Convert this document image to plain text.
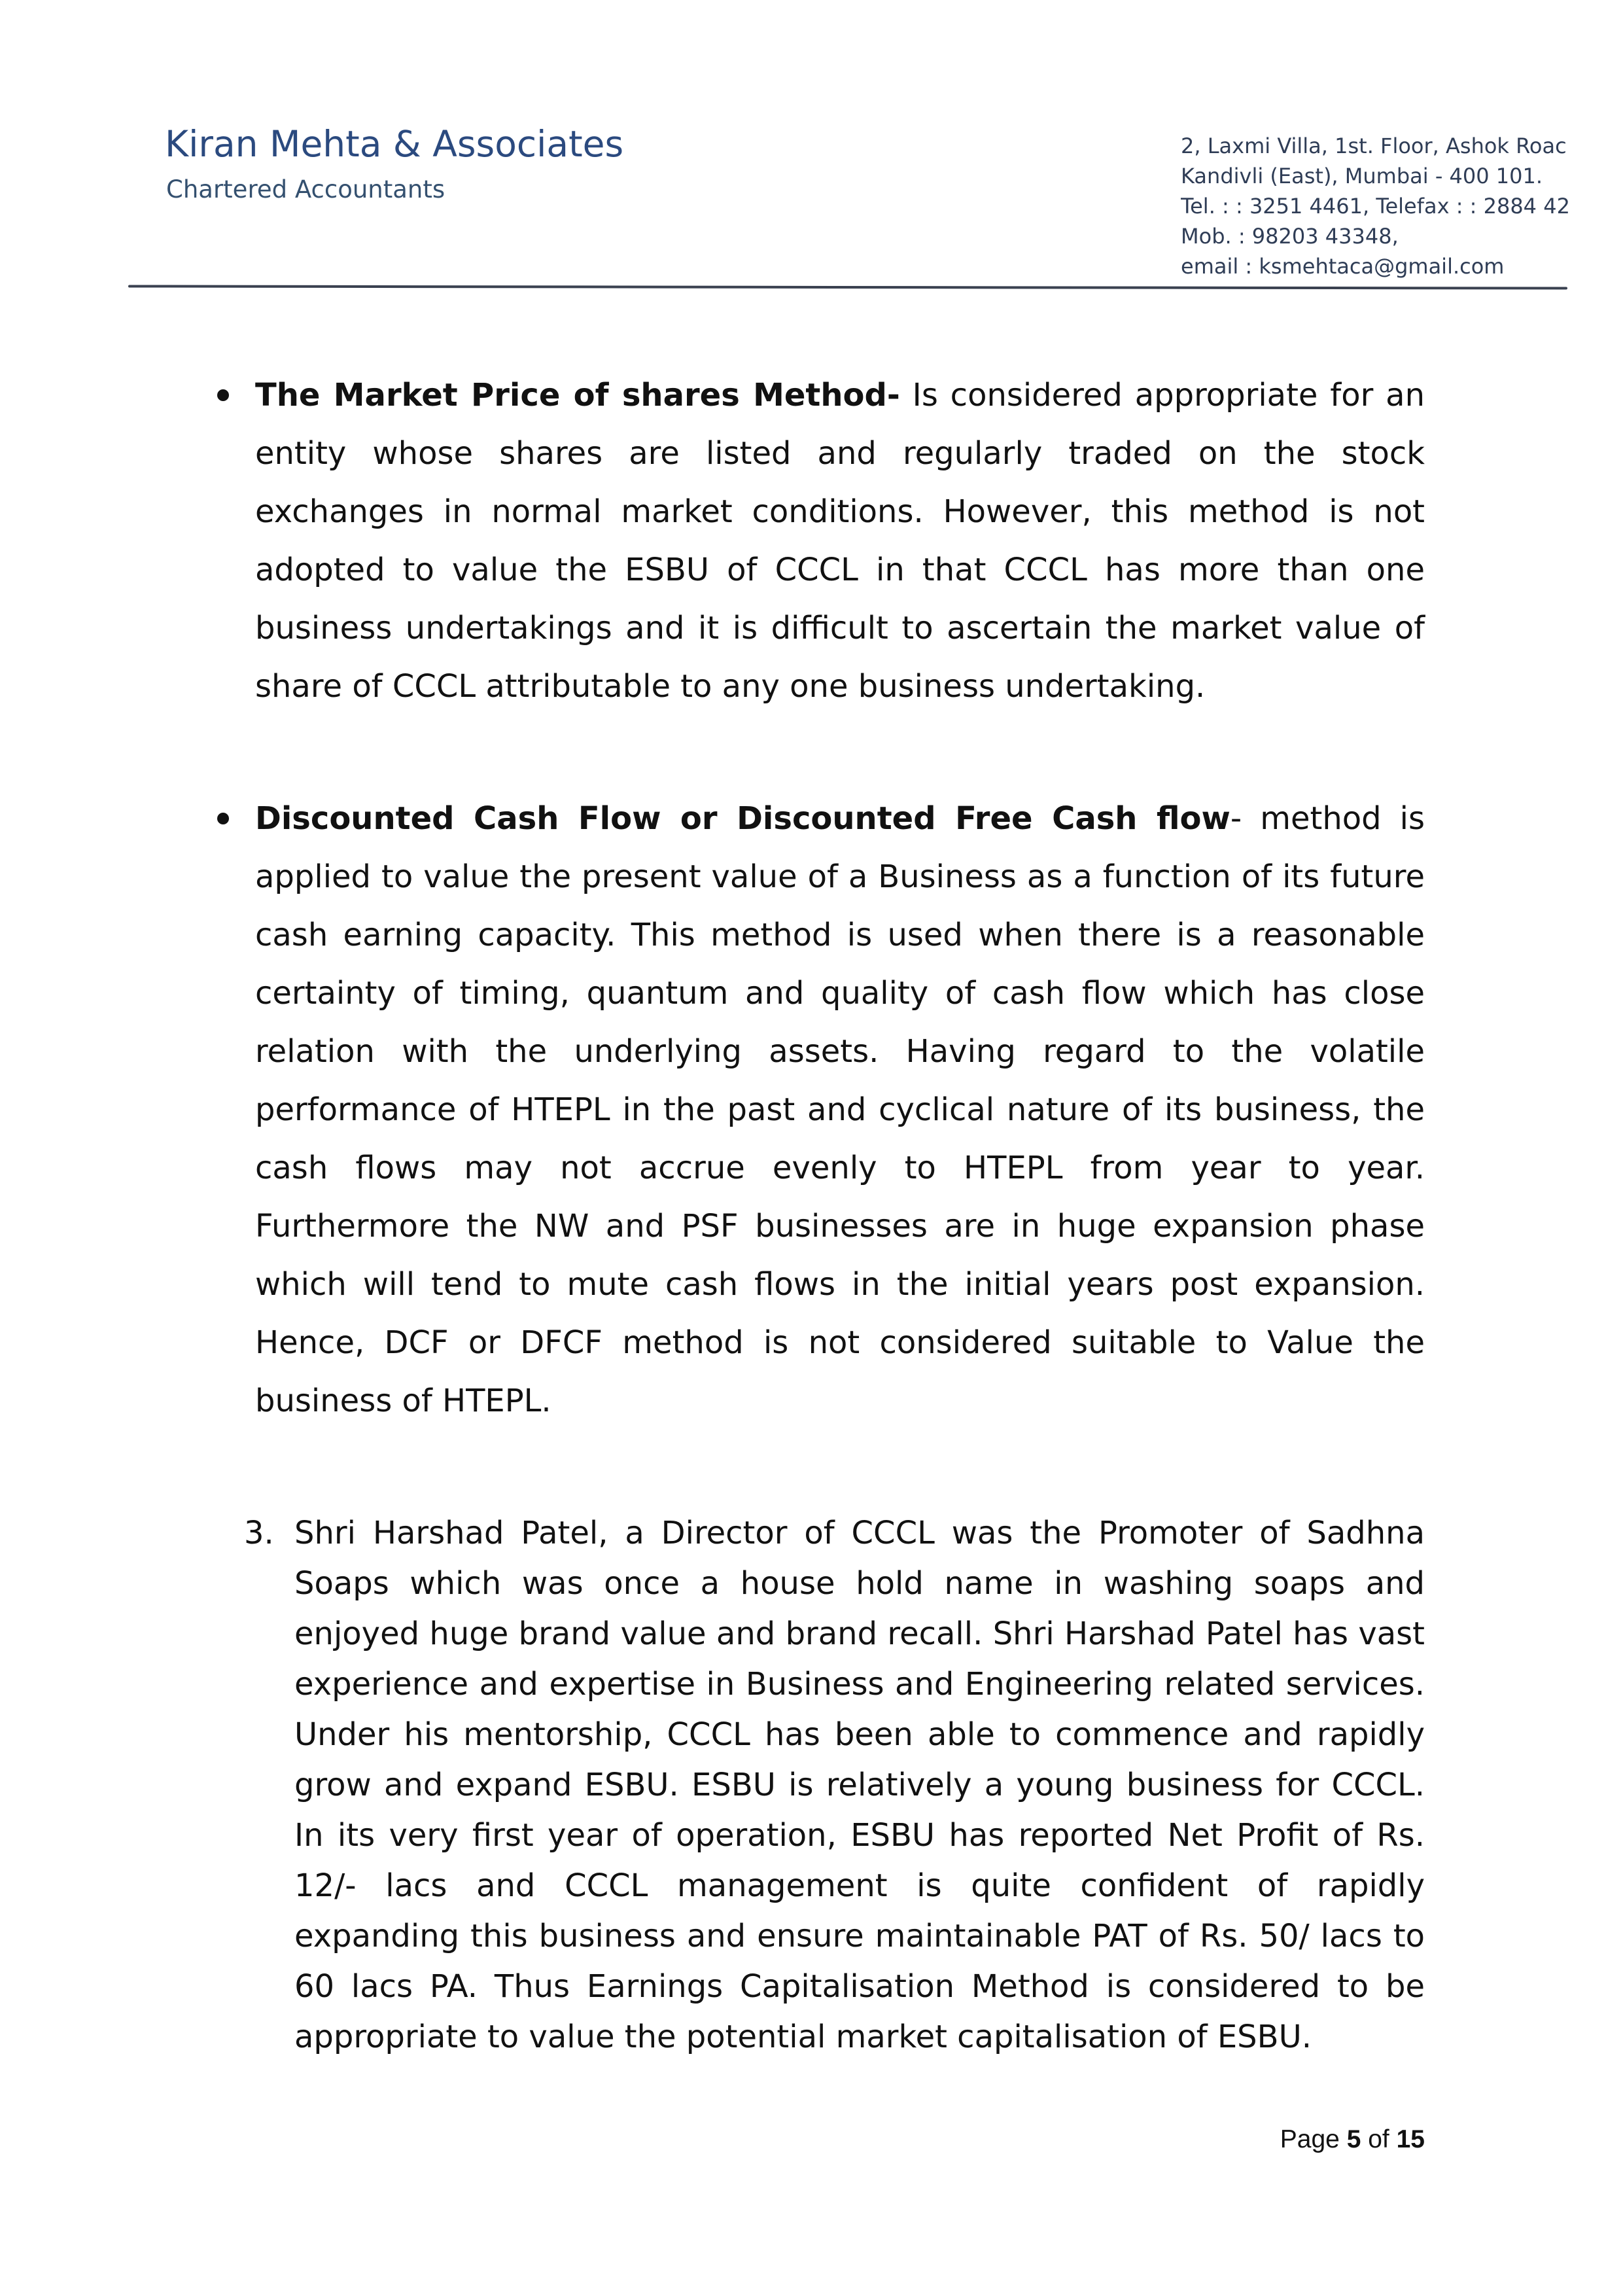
Kiran Mehta & Associates
Chartered Accountants
2, Laxmi Villa, 1st. Floor, Ashok Roac
Kandivli (East), Mumbai - 400 101.
Tel. : : 3251 4461, Telefax : : 2884 42
Mob. : 98203 43348,
email : ksmehtaca@gmail.com

The Market Price of shares Method- Is considered appropriate for an entity whose shares are listed and regularly traded on the stock exchanges in normal market conditions. However, this method is not adopted to value the ESBU of CCCL in that CCCL has more than one business undertakings and it is difficult to ascertain the market value of share of CCCL attributable to any one business undertaking.

Discounted Cash Flow or Discounted Free Cash flow- method is applied to value the present value of a Business as a function of its future cash earning capacity. This method is used when there is a reasonable certainty of timing, quantum and quality of cash flow which has close relation with the underlying assets. Having regard to the volatile performance of HTEPL in the past and cyclical nature of its business, the cash flows may not accrue evenly to HTEPL from year to year. Furthermore the NW and PSF businesses are in huge expansion phase which will tend to mute cash flows in the initial years post expansion. Hence, DCF or DFCF method is not considered suitable to Value the business of HTEPL.

3. Shri Harshad Patel, a Director of CCCL was the Promoter of Sadhna Soaps which was once a house hold name in washing soaps and enjoyed huge brand value and brand recall. Shri Harshad Patel has vast experience and expertise in Business and Engineering related services. Under his mentorship, CCCL has been able to commence and rapidly grow and expand ESBU. ESBU is relatively a young business for CCCL. In its very first year of operation, ESBU has reported Net Profit of Rs. 12/- lacs and CCCL management is quite confident of rapidly expanding this business and ensure maintainable PAT of Rs. 50/ lacs to 60 lacs PA. Thus Earnings Capitalisation Method is considered to be appropriate to value the potential market capitalisation of ESBU.

Page 5 of 15
